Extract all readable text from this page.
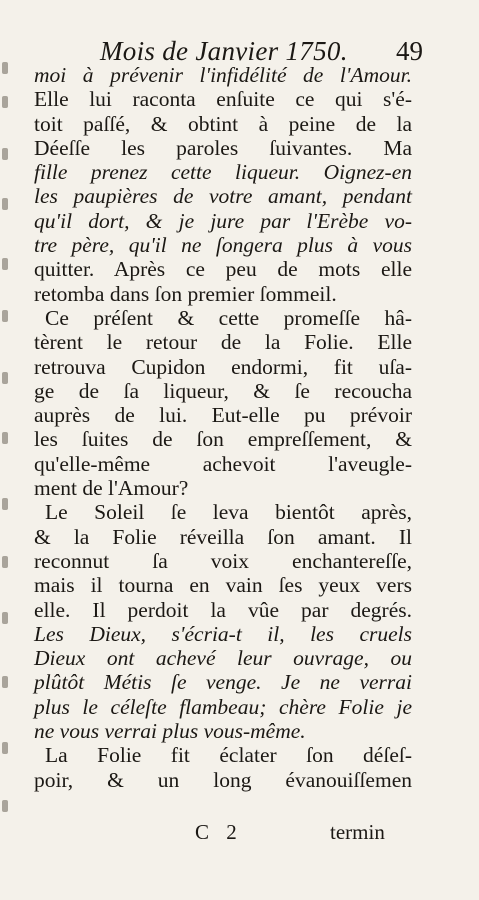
Mois de Janvier 1750. 49
moi à prévenir l'infidélité de l'Amour.
Elle lui raconta enſuite ce qui s'é-
toit paſſé, & obtint à peine de la
Déeſſe les paroles ſuivantes. Ma
fille prenez cette liqueur. Oignez-en
les paupières de votre amant, pendant
qu'il dort, & je jure par l'Erèbe vo-
tre père, qu'il ne ſongera plus à vous
quitter. Après ce peu de mots elle
retomba dans ſon premier ſommeil.
Ce préſent & cette promeſſe hâ-
tèrent le retour de la Folie. Elle
retrouva Cupidon endormi, fit uſa-
ge de ſa liqueur, & ſe recoucha
auprès de lui. Eut-elle pu prévoir
les ſuites de ſon empreſſement, &
qu'elle-même achevoit l'aveugle-
ment de l'Amour?
Le Soleil ſe leva bientôt après,
& la Folie réveilla ſon amant. Il
reconnut ſa voix enchantereſſe,
mais il tourna en vain ſes yeux vers
elle. Il perdoit la vûe par degrés.
Les Dieux, s'écria-t il, les cruels
Dieux ont achevé leur ouvrage, ou
plûtôt Métis ſe venge. Je ne verrai
plus le céleſte flambeau; chère Folie je
ne vous verrai plus vous-même.
La Folie fit éclater ſon déſeſ-
poir, & un long évanouiſſemen
C 2	termin
